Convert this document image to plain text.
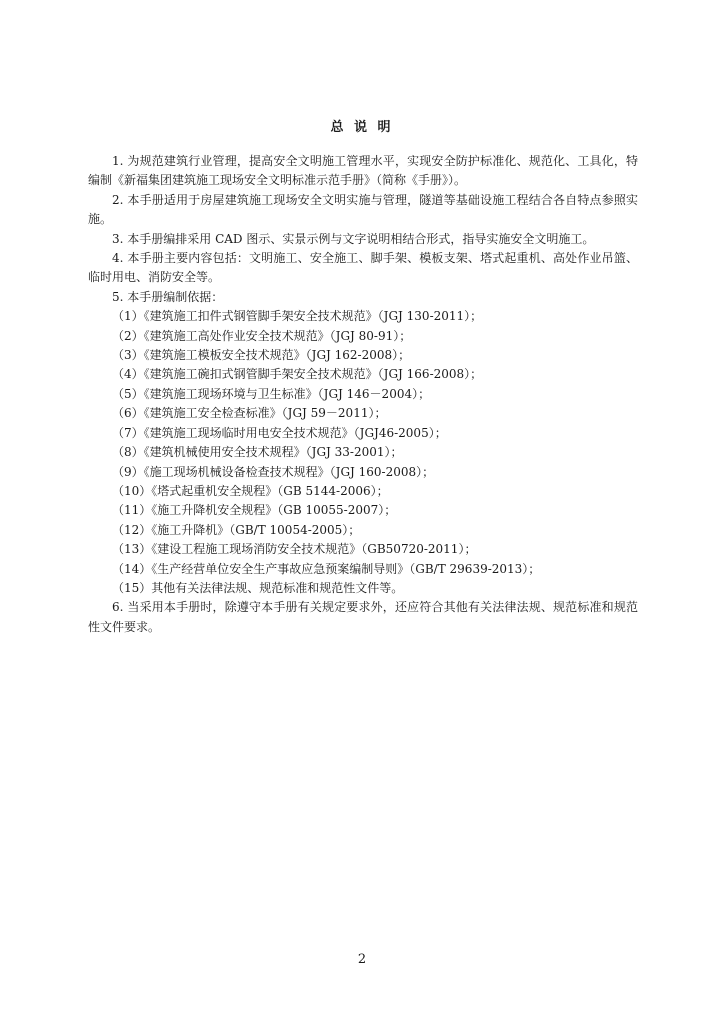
总 说 明

1. 为规范建筑行业管理，提高安全文明施工管理水平，实现安全防护标准化、规范化、工具化，特编制《新福集团建筑施工现场安全文明标准示范手册》（简称《手册》）。

2. 本手册适用于房屋建筑施工现场安全文明实施与管理，隧道等基础设施工程结合各自特点参照实施。

3. 本手册编排采用 CAD 图示、实景示例与文字说明相结合形式，指导实施安全文明施工。

4. 本手册主要内容包括：文明施工、安全施工、脚手架、模板支架、塔式起重机、高处作业吊篮、临时用电、消防安全等。

5. 本手册编制依据：

（1）《建筑施工扣件式钢管脚手架安全技术规范》（JGJ 130-2011）；
（2）《建筑施工高处作业安全技术规范》（JGJ 80-91）；
（3）《建筑施工模板安全技术规范》（JGJ 162-2008）；
（4）《建筑施工碗扣式钢管脚手架安全技术规范》（JGJ 166-2008）；
（5）《建筑施工现场环境与卫生标准》（JGJ 146－2004）；
（6）《建筑施工安全检查标准》（JGJ 59－2011）；
（7）《建筑施工现场临时用电安全技术规范》（JGJ46-2005）；
（8）《建筑机械使用安全技术规程》（JGJ 33-2001）；
（9）《施工现场机械设备检查技术规程》（JGJ 160-2008）；
（10）《塔式起重机安全规程》（GB 5144-2006）；
（11）《施工升降机安全规程》（GB 10055-2007）；
（12）《施工升降机》（GB/T 10054-2005）；
（13）《建设工程施工现场消防安全技术规范》（GB50720-2011）；
（14）《生产经营单位安全生产事故应急预案编制导则》（GB/T 29639-2013）；
（15）其他有关法律法规、规范标准和规范性文件等。

6. 当采用本手册时，除遵守本手册有关规定要求外，还应符合其他有关法律法规、规范标准和规范性文件要求。

2
